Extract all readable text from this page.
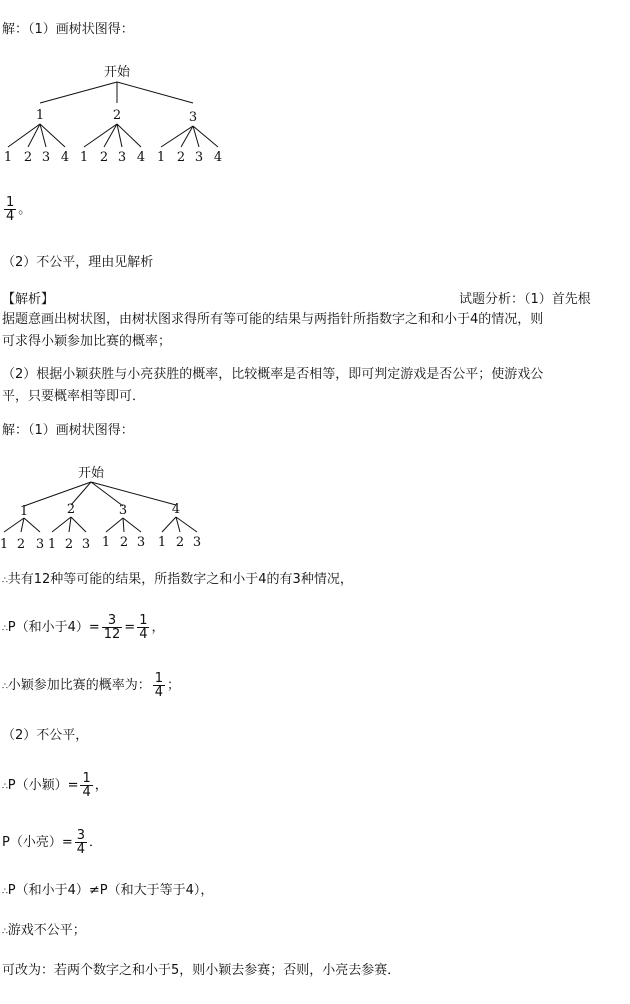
解：（1）画树状图得：
开始
1	2	3
1 2 3 4 1 2 3 4 1 2 3 4
$\frac{1}{4}$ 。
（2）不公平，理由见解析
【解析】	试题分析：（1）首先根
据题意画出树状图，由树状图求得所有等可能的结果与两指针所指数字之和和小于4的情况，则
可求得小颖参加比赛的概率；
（2）根据小颖获胜与小亮获胜的概率，比较概率是否相等，即可判定游戏是否公平；使游戏公
平，只要概率相等即可．
解：（1）画树状图得：
开始
1	2	3	4
1 2 3 1 2 3 1 2 3 1 2 3
∴共有12种等可能的结果，所指数字之和小于4的有3种情况，
∴P（和小于$4)= \frac{3}{12} = \frac{1}{4}$ ，
∴小颖参加比赛的概率为： $\frac{1}{4}$ ；
（2）不公平，
∴P（小颖）= $\frac{1}{4}$ ，
P（小亮）= $\frac{3}{4}$ ．
∴P（和小于4）≠P（和大于等于4），
∴游戏不公平；
可改为：若两个数字之和小于5，则小颖去参赛；否则，小亮去参赛．
